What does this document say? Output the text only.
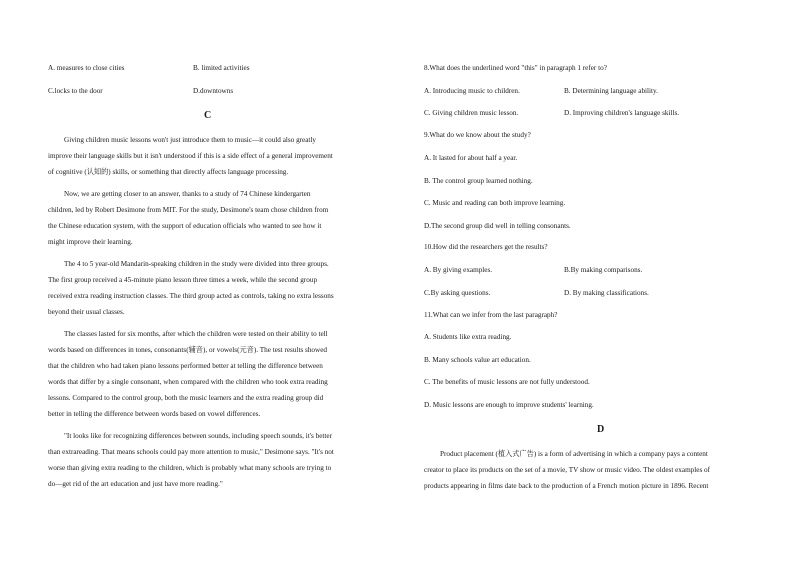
A. measures to close cities	B. limited activities
C.locks to the door	D.downtowns
C
Giving children music lessons won't just introduce them to music—it could also greatly
improve their language skills but it isn't understood if this is a side effect of a general improvement
of cognitive (认知的) skills, or something that directly affects language processing.
Now, we are getting closer to an answer, thanks to a study of 74 Chinese kindergarten
children, led by Robert Desimone from MIT. For the study, Desimone's team chose children from
the Chinese education system, with the support of education officials who wanted to see how it
might improve their learning.
The 4 to 5 year-old Mandarin-speaking children in the study were divided into three groups.
The first group received a 45-minute piano lesson three times a week, while the second group
received extra reading instruction classes. The third group acted as controls, taking no extra lessons
beyond their usual classes.
The classes lasted for six months, after which the children were tested on their ability to tell
words based on differences in tones, consonants(辅音), or vowels(元音). The test results showed
that the children who had taken piano lessons performed better at telling the difference between
words that differ by a single consonant, when compared with the children who took extra reading
lessons. Compared to the control group, both the music learners and the extra reading group did
better in telling the difference between words based on vowel differences.
"It looks like for recognizing differences between sounds, including speech sounds, it's better
than extrareading. That means schools could pay more attention to music," Desimone says. "It's not
worse than giving extra reading to the children, which is probably what many schools are trying to
do—get rid of the art education and just have more reading."
8.What does the underlined word "this" in paragraph 1 refer to?
A. Introducing music to children.	B. Determining language ability.
C. Giving children music lesson.	D. Improving children's language skills.
9.What do we know about the study?
A. It lasted for about half a year.
B. The control group learned nothing.
C. Music and reading can both improve learning.
D.The second group did well in telling consonants.
10.How did the researchers get the results?
A. By giving examples.	B.By making comparisons.
C.By asking questions.	D. By making classifications.
11.What can we infer from the last paragraph?
A. Students like extra reading.
B. Many schools value art education.
C. The benefits of music lessons are not fully understood.
D. Music lessons are enough to improve students' learning.
D
Product placement (植入式广告) is a form of advertising in which a company pays a content
creator to place its products on the set of a movie, TV show or music video. The oldest examples of
products appearing in films date back to the production of a French motion picture in 1896. Recent
